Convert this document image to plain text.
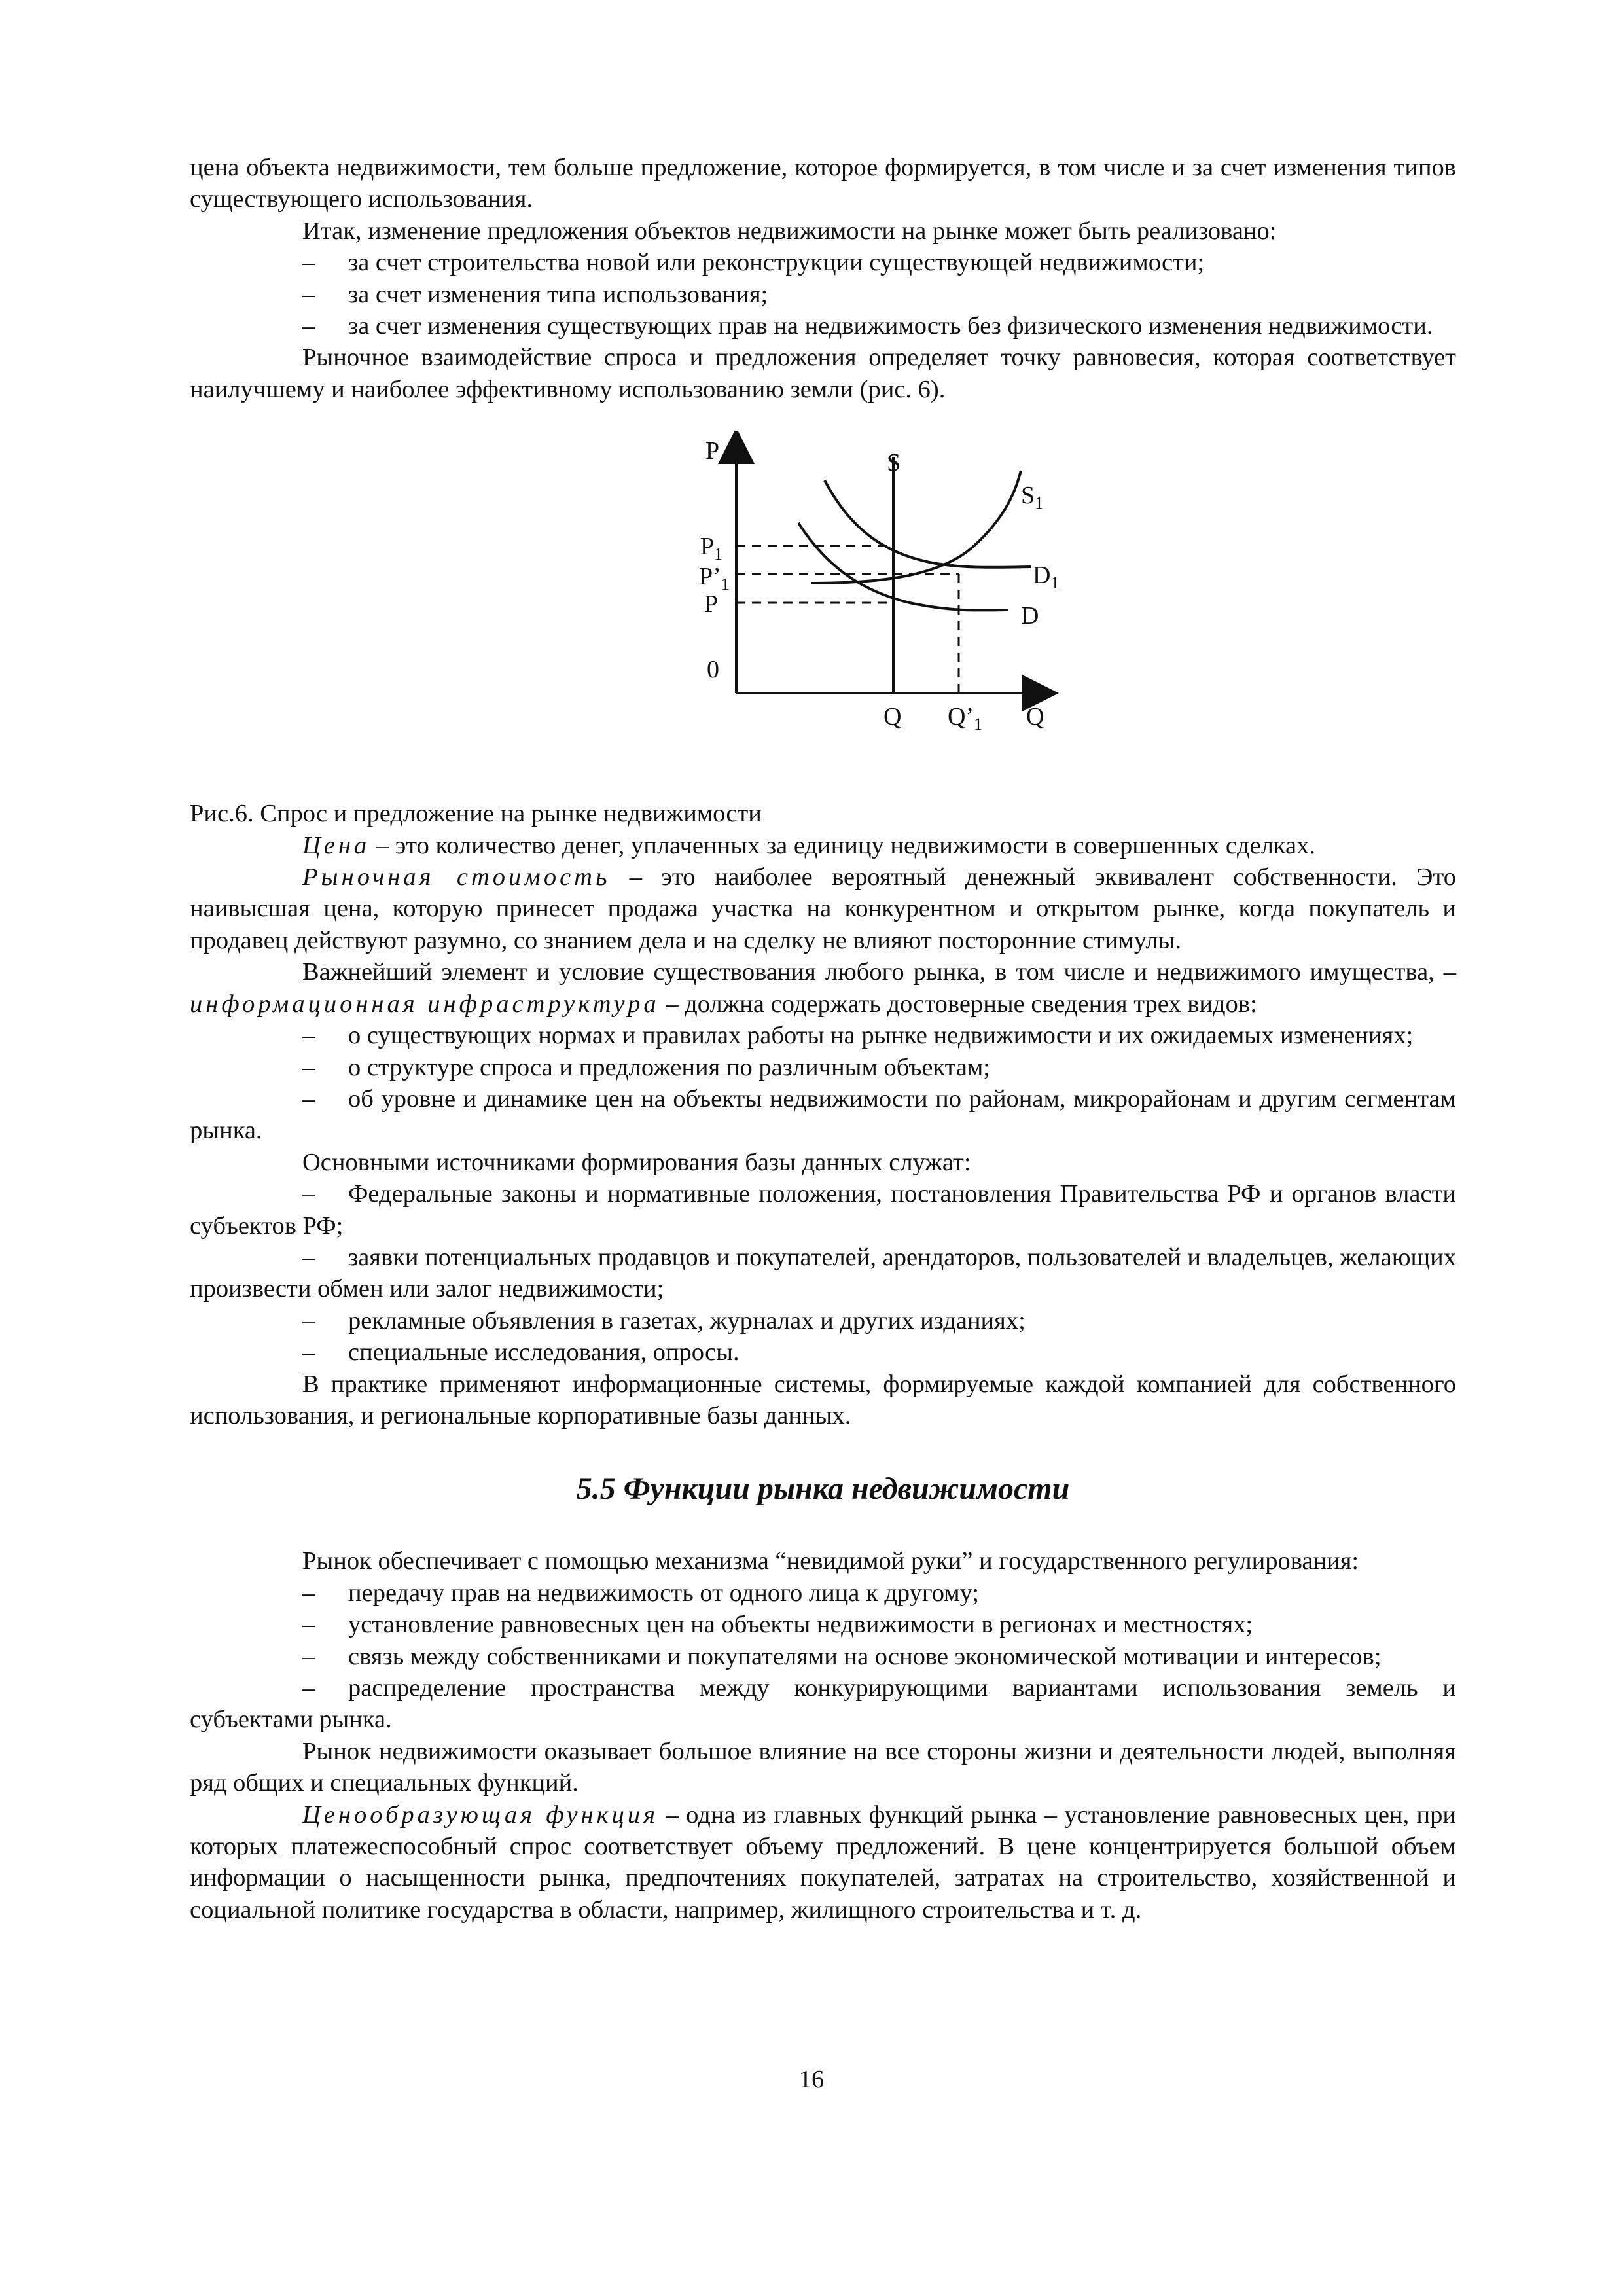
цена объекта недвижимости, тем больше предложение, которое формируется, в том числе и за счет изменения типов существующего использования.

Итак, изменение предложения объектов недвижимости на рынке может быть реализовано:

– за счет строительства новой или реконструкции существующей недвижимости;

– за счет изменения типа использования;

– за счет изменения существующих прав на недвижимость без физического изменения недвижимости.

Рыночное взаимодействие спроса и предложения определяет точку равновесия, которая соответствует наилучшему и наиболее эффективному использованию земли (рис. 6).

P	S
$S_1$
$P_1$
$P’_1$
P
$D_1$
D
0
Q $Q’_1$ Q

Рис.6. Спрос и предложение на рынке недвижимости

Цена – это количество денег, уплаченных за единицу недвижимости в совершенных сделках.

Рыночная стоимость – это наиболее вероятный денежный эквивалент собственности. Это наивысшая цена, которую принесет продажа участка на конкурентном и открытом рынке, когда покупатель и продавец действуют разумно, со знанием дела и на сделку не влияют посторонние стимулы.

Важнейший элемент и условие существования любого рынка, в том числе и недвижимого имущества, – информационная инфраструктура – должна содержать достоверные сведения трех видов:

– о существующих нормах и правилах работы на рынке недвижимости и их ожидаемых изменениях;

– о структуре спроса и предложения по различным объектам;

– об уровне и динамике цен на объекты недвижимости по районам, микрорайонам и другим сегментам рынка.

Основными источниками формирования базы данных служат:

– Федеральные законы и нормативные положения, постановления Правительства РФ и органов власти субъектов РФ;

– заявки потенциальных продавцов и покупателей, арендаторов, пользователей и владельцев, желающих произвести обмен или залог недвижимости;

– рекламные объявления в газетах, журналах и других изданиях;

– специальные исследования, опросы.

В практике применяют информационные системы, формируемые каждой компанией для собственного использования, и региональные корпоративные базы данных.

5.5 Функции рынка недвижимости

Рынок обеспечивает с помощью механизма “невидимой руки” и государственного регулирования:

– передачу прав на недвижимость от одного лица к другому;

– установление равновесных цен на объекты недвижимости в регионах и местностях;

– связь между собственниками и покупателями на основе экономической мотивации и интересов;

– распределение пространства между конкурирующими вариантами использования земель и субъектами рынка.

Рынок недвижимости оказывает большое влияние на все стороны жизни и деятельности людей, выполняя ряд общих и специальных функций.

Ценообразующая функция – одна из главных функций рынка – установление равновесных цен, при которых платежеспособный спрос соответствует объему предложений. В цене концентрируется большой объем информации о насыщенности рынка, предпочтениях покупателей, затратах на строительство, хозяйственной и социальной политике государства в области, например, жилищного строительства и т. д.

16
